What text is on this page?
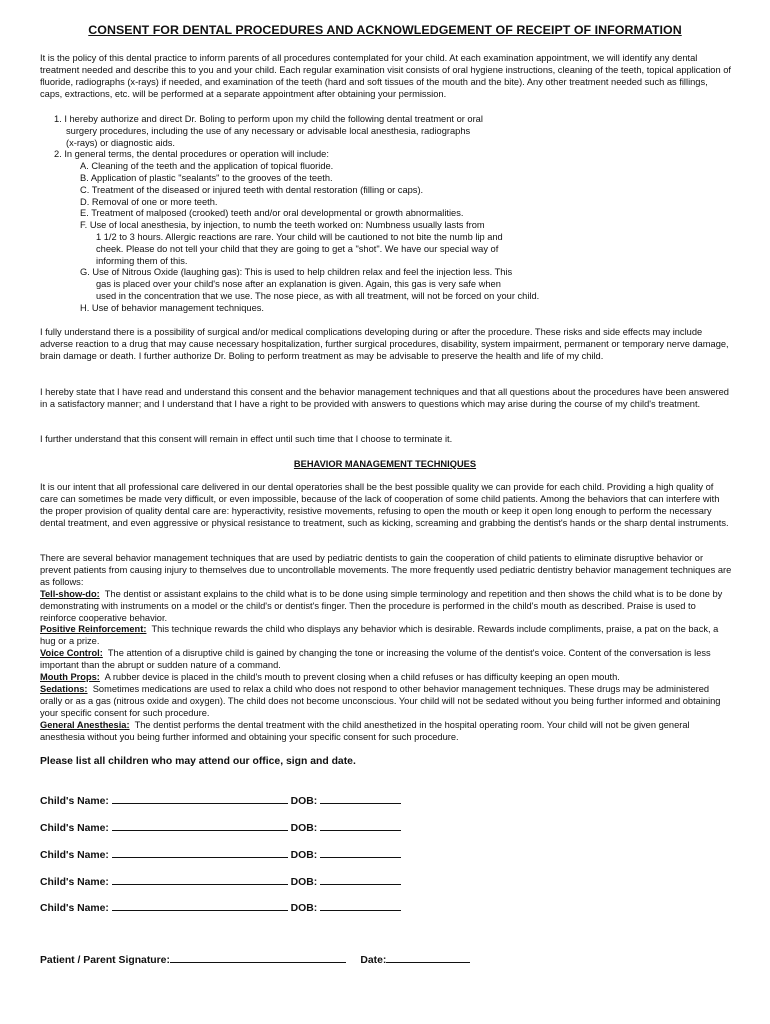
CONSENT FOR DENTAL PROCEDURES AND ACKNOWLEDGEMENT OF RECEIPT OF INFORMATION
It is the policy of this dental practice to inform parents of all procedures contemplated for your child. At each examination appointment, we will identify any dental treatment needed and describe this to you and your child. Each regular examination visit consists of oral hygiene instructions, cleaning of the teeth, topical application of fluoride, radiographs (x-rays) if needed, and examination of the teeth (hard and soft tissues of the mouth and the bite). Any other treatment needed such as fillings, caps, extractions, etc. will be performed at a separate appointment after obtaining your permission.
1. I hereby authorize and direct Dr. Boling to perform upon my child the following dental treatment or oral
surgery procedures, including the use of any necessary or advisable local anesthesia, radiographs
(x-rays) or diagnostic aids.
2. In general terms, the dental procedures or operation will include:
A. Cleaning of the teeth and the application of topical fluoride.
B. Application of plastic "sealants" to the grooves of the teeth.
C. Treatment of the diseased or injured teeth with dental restoration (filling or caps).
D. Removal of one or more teeth.
E. Treatment of malposed (crooked) teeth and/or oral developmental or growth abnormalities.
F. Use of local anesthesia, by injection, to numb the teeth worked on: Numbness usually lasts from
1 1/2 to 3 hours. Allergic reactions are rare. Your child will be cautioned to not bite the numb lip and
cheek. Please do not tell your child that they are going to get a "shot". We have our special way of
informing them of this.
G. Use of Nitrous Oxide (laughing gas): This is used to help children relax and feel the injection less. This
gas is placed over your child's nose after an explanation is given. Again, this gas is very safe when
used in the concentration that we use. The nose piece, as with all treatment, will not be forced on your child.
H. Use of behavior management techniques.
I fully understand there is a possibility of surgical and/or medical complications developing during or after the procedure. These risks and side effects may include adverse reaction to a drug that may cause necessary hospitalization, further surgical procedures, disability, system impairment, permanent or temporary nerve damage, brain damage or death. I further authorize Dr. Boling to perform treatment as may be advisable to preserve the health and life of my child.
I hereby state that I have read and understand this consent and the behavior management techniques and that all questions about the procedures have been answered in a satisfactory manner; and I understand that I have a right to be provided with answers to questions which may arise during the course of my child's treatment.
I further understand that this consent will remain in effect until such time that I choose to terminate it.
BEHAVIOR MANAGEMENT TECHNIQUES
It is our intent that all professional care delivered in our dental operatories shall be the best possible quality we can provide for each child. Providing a high quality of care can sometimes be made very difficult, or even impossible, because of the lack of cooperation of some child patients. Among the behaviors that can interfere with the proper provision of quality dental care are: hyperactivity, resistive movements, refusing to open the mouth or keep it open long enough to perform the necessary dental treatment, and even aggressive or physical resistance to treatment, such as kicking, screaming and grabbing the dentist's hands or the sharp dental instruments.
There are several behavior management techniques that are used by pediatric dentists to gain the cooperation of child patients to eliminate disruptive behavior or prevent patients from causing injury to themselves due to uncontrollable movements. The more frequently used pediatric dentistry behavior management techniques are as follows:
Tell-show-do: The dentist or assistant explains to the child what is to be done using simple terminology and repetition and then shows the child what is to be done by demonstrating with instruments on a model or the child's or dentist's finger. Then the procedure is performed in the child's mouth as described. Praise is used to reinforce cooperative behavior.
Positive Reinforcement: This technique rewards the child who displays any behavior which is desirable. Rewards include compliments, praise, a pat on the back, a hug or a prize.
Voice Control: The attention of a disruptive child is gained by changing the tone or increasing the volume of the dentist's voice. Content of the conversation is less important than the abrupt or sudden nature of a command.
Mouth Props: A rubber device is placed in the child's mouth to prevent closing when a child refuses or has difficulty keeping an open mouth.
Sedations: Sometimes medications are used to relax a child who does not respond to other behavior management techniques. These drugs may be administered orally or as a gas (nitrous oxide and oxygen). The child does not become unconscious. Your child will not be sedated without you being further informed and obtaining your specific consent for such procedure.
General Anesthesia: The dentist performs the dental treatment with the child anesthetized in the hospital operating room. Your child will not be given general anesthesia without you being further informed and obtaining your specific consent for such procedure.
Please list all children who may attend our office, sign and date.
Child's Name:	DOB:
Child's Name:	DOB:
Child's Name:	DOB:
Child's Name:	DOB:
Child's Name:	DOB:
Patient / Parent Signature:	Date:
